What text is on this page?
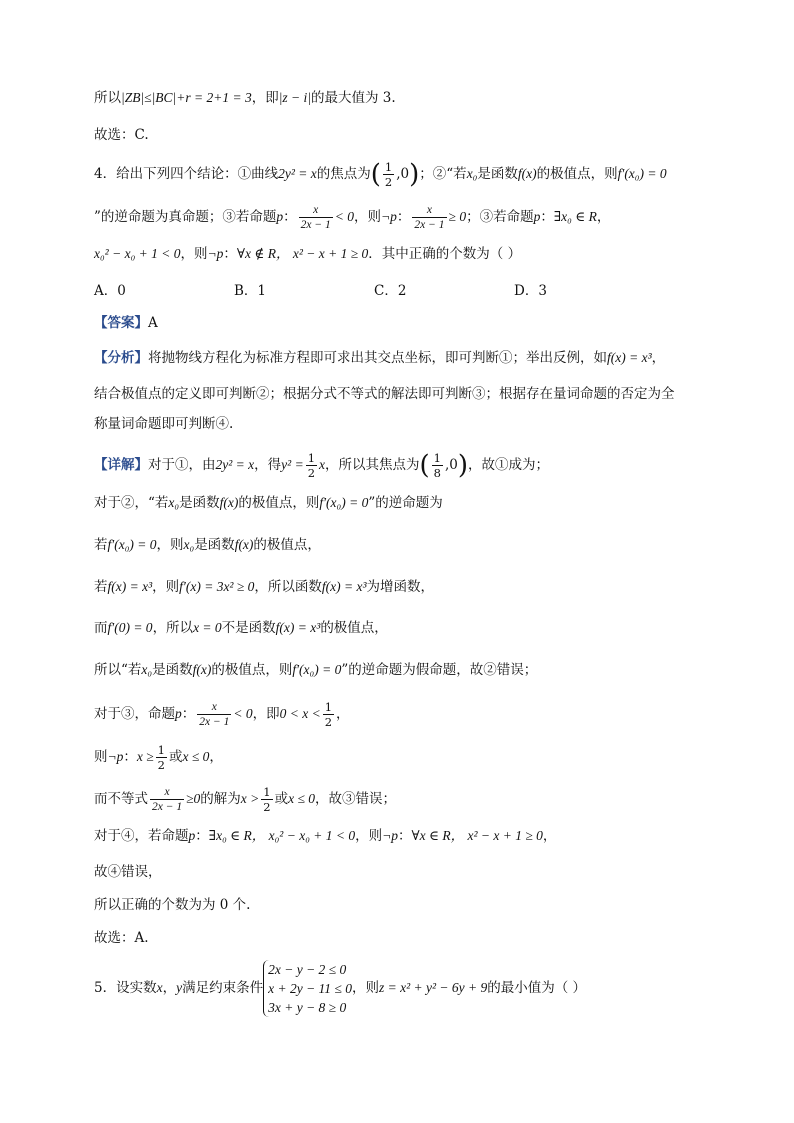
所以|ZB|≤|BC|+r = 2+1 = 3，即|z − i|的最大值为 3.
故选：C.
4．给出下列四个结论：①曲线2y² = x的焦点为( $\frac{1}{2} ,0$)；②“若x₀是函数f(x)的极值点，则f′(x₀) = 0
”的逆命题为真命题；③若命题p： $\frac{x}{2x - 1} < 0$，则¬p： $\frac{x}{2x - 1} \ge 0$；③若命题p：∃x₀ ∈ R，
x₀² − x₀ + 1 < 0，则¬p：∀x ∉ R， x² − x + 1 ≥ 0．其中正确的个数为（ ）
A．0	B．1	C．2	D．3
【答案】A
【分析】将抛物线方程化为标准方程即可求出其交点坐标，即可判断①；举出反例，如f(x) = x³，
结合极值点的定义即可判断②；根据分式不等式的解法即可判断③；根据存在量词命题的否定为全
称量词命题即可判断④.
【详解】对于①，由2y² = x，得$y^2 = \frac{1}{2}$ x，所以其焦点为( $\frac{1}{8} ,0$)，故①成为；
对于②，“若x₀是函数f(x)的极值点，则f′(x₀) = 0”的逆命题为
若f′(x₀) = 0，则x₀是函数f(x)的极值点，
若f(x) = x³，则f′(x) = 3x² ≥ 0，所以函数f(x) = x³为增函数，
而f′(0) = 0，所以x = 0不是函数f(x) = x³的极值点，
所以“若x₀是函数f(x)的极值点，则f′(x₀) = 0”的逆命题为假命题，故②错误；
对于③，命题p： $\frac{x}{2x - 1} < 0$，即$0 < x < \frac{1}{2}$ ，
则¬p：$x \ge \frac{1}{2}$ 或x ≤ 0，
而不等式 $\frac{x}{2x - 1} \ge 0$的解为$x > \frac{1}{2}$ 或x ≤ 0，故③错误；
对于④，若命题p：∃x₀ ∈ R， x₀² − x₀ + 1 < 0，则¬p：∀x ∈ R， x² − x + 1 ≥ 0，
故④错误，
所以正确的个数为为 0 个.
故选：A.
5．设实数x，y满足约束条件
2x − y − 2 ≤ 0
x + 2y − 11 ≤ 0
3x + y − 8 ≥ 0
，则z = x² + y² − 6y + 9的最小值为（ ）
